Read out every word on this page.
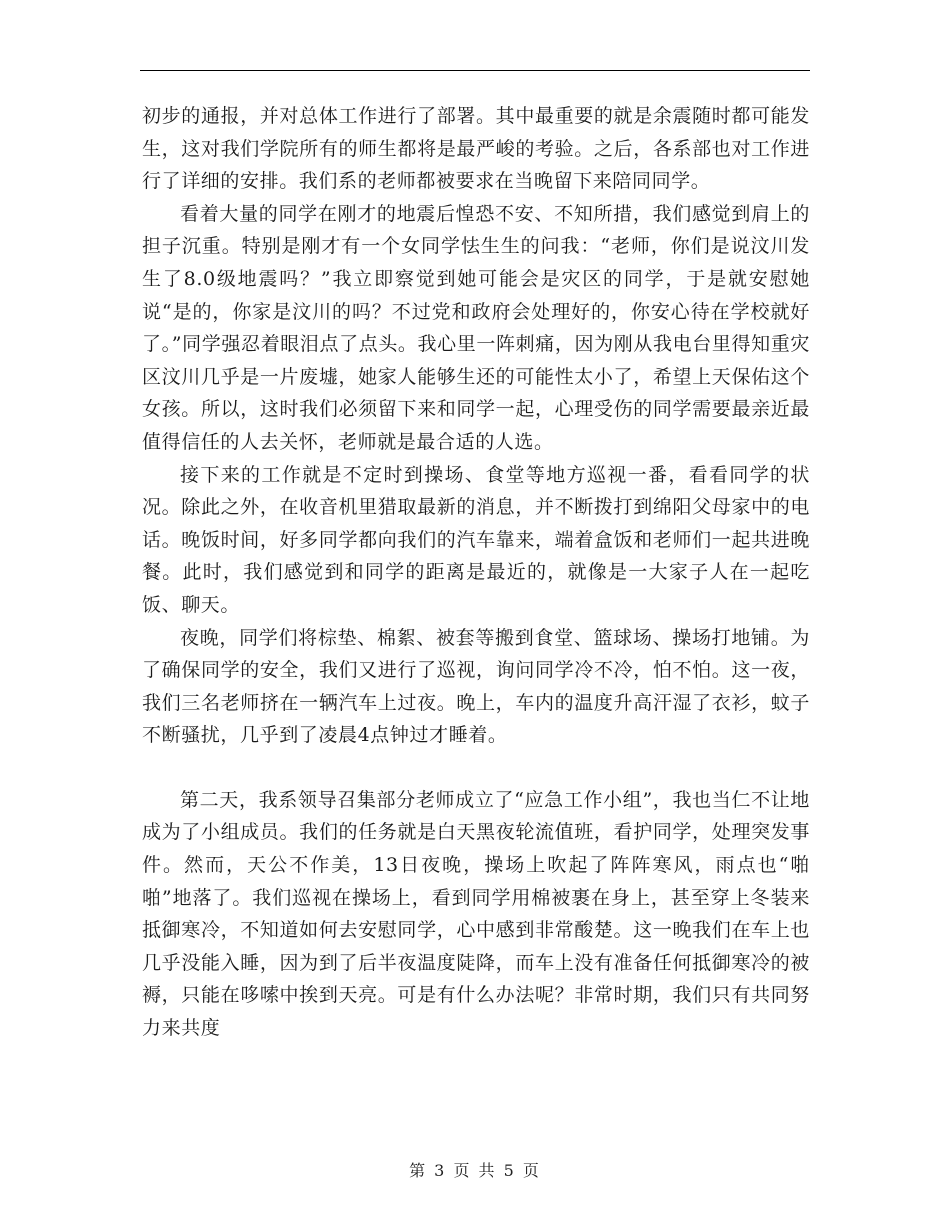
初步的通报，并对总体工作进行了部署。其中最重要的就是余震随时都可能发生，这对我们学院所有的师生都将是最严峻的考验。之后，各系部也对工作进行了详细的安排。我们系的老师都被要求在当晚留下来陪同同学。

看着大量的同学在刚才的地震后惶恐不安、不知所措，我们感觉到肩上的担子沉重。特别是刚才有一个女同学怯生生的问我：“老师，你们是说汶川发生了8.0级地震吗？”我立即察觉到她可能会是灾区的同学，于是就安慰她说“是的，你家是汶川的吗？不过党和政府会处理好的，你安心待在学校就好了。”同学强忍着眼泪点了点头。我心里一阵刺痛，因为刚从我电台里得知重灾区汶川几乎是一片废墟，她家人能够生还的可能性太小了，希望上天保佑这个女孩。所以，这时我们必须留下来和同学一起，心理受伤的同学需要最亲近最值得信任的人去关怀，老师就是最合适的人选。

接下来的工作就是不定时到操场、食堂等地方巡视一番，看看同学的状况。除此之外，在收音机里猎取最新的消息，并不断拨打到绵阳父母家中的电话。晚饭时间，好多同学都向我们的汽车靠来，端着盒饭和老师们一起共进晚餐。此时，我们感觉到和同学的距离是最近的，就像是一大家子人在一起吃饭、聊天。

夜晚，同学们将棕垫、棉絮、被套等搬到食堂、篮球场、操场打地铺。为了确保同学的安全，我们又进行了巡视，询问同学冷不冷，怕不怕。这一夜，我们三名老师挤在一辆汽车上过夜。晚上，车内的温度升高汗湿了衣衫，蚊子不断骚扰，几乎到了凌晨4点钟过才睡着。

第二天，我系领导召集部分老师成立了“应急工作小组”，我也当仁不让地成为了小组成员。我们的任务就是白天黑夜轮流值班，看护同学，处理突发事件。然而，天公不作美，13日夜晚，操场上吹起了阵阵寒风，雨点也“啪啪”地落了。我们巡视在操场上，看到同学用棉被裹在身上，甚至穿上冬装来抵御寒冷，不知道如何去安慰同学，心中感到非常酸楚。这一晚我们在车上也几乎没能入睡，因为到了后半夜温度陡降，而车上没有准备任何抵御寒冷的被褥，只能在哆嗦中挨到天亮。可是有什么办法呢？非常时期，我们只有共同努力来共度

第 3 页 共 5 页
